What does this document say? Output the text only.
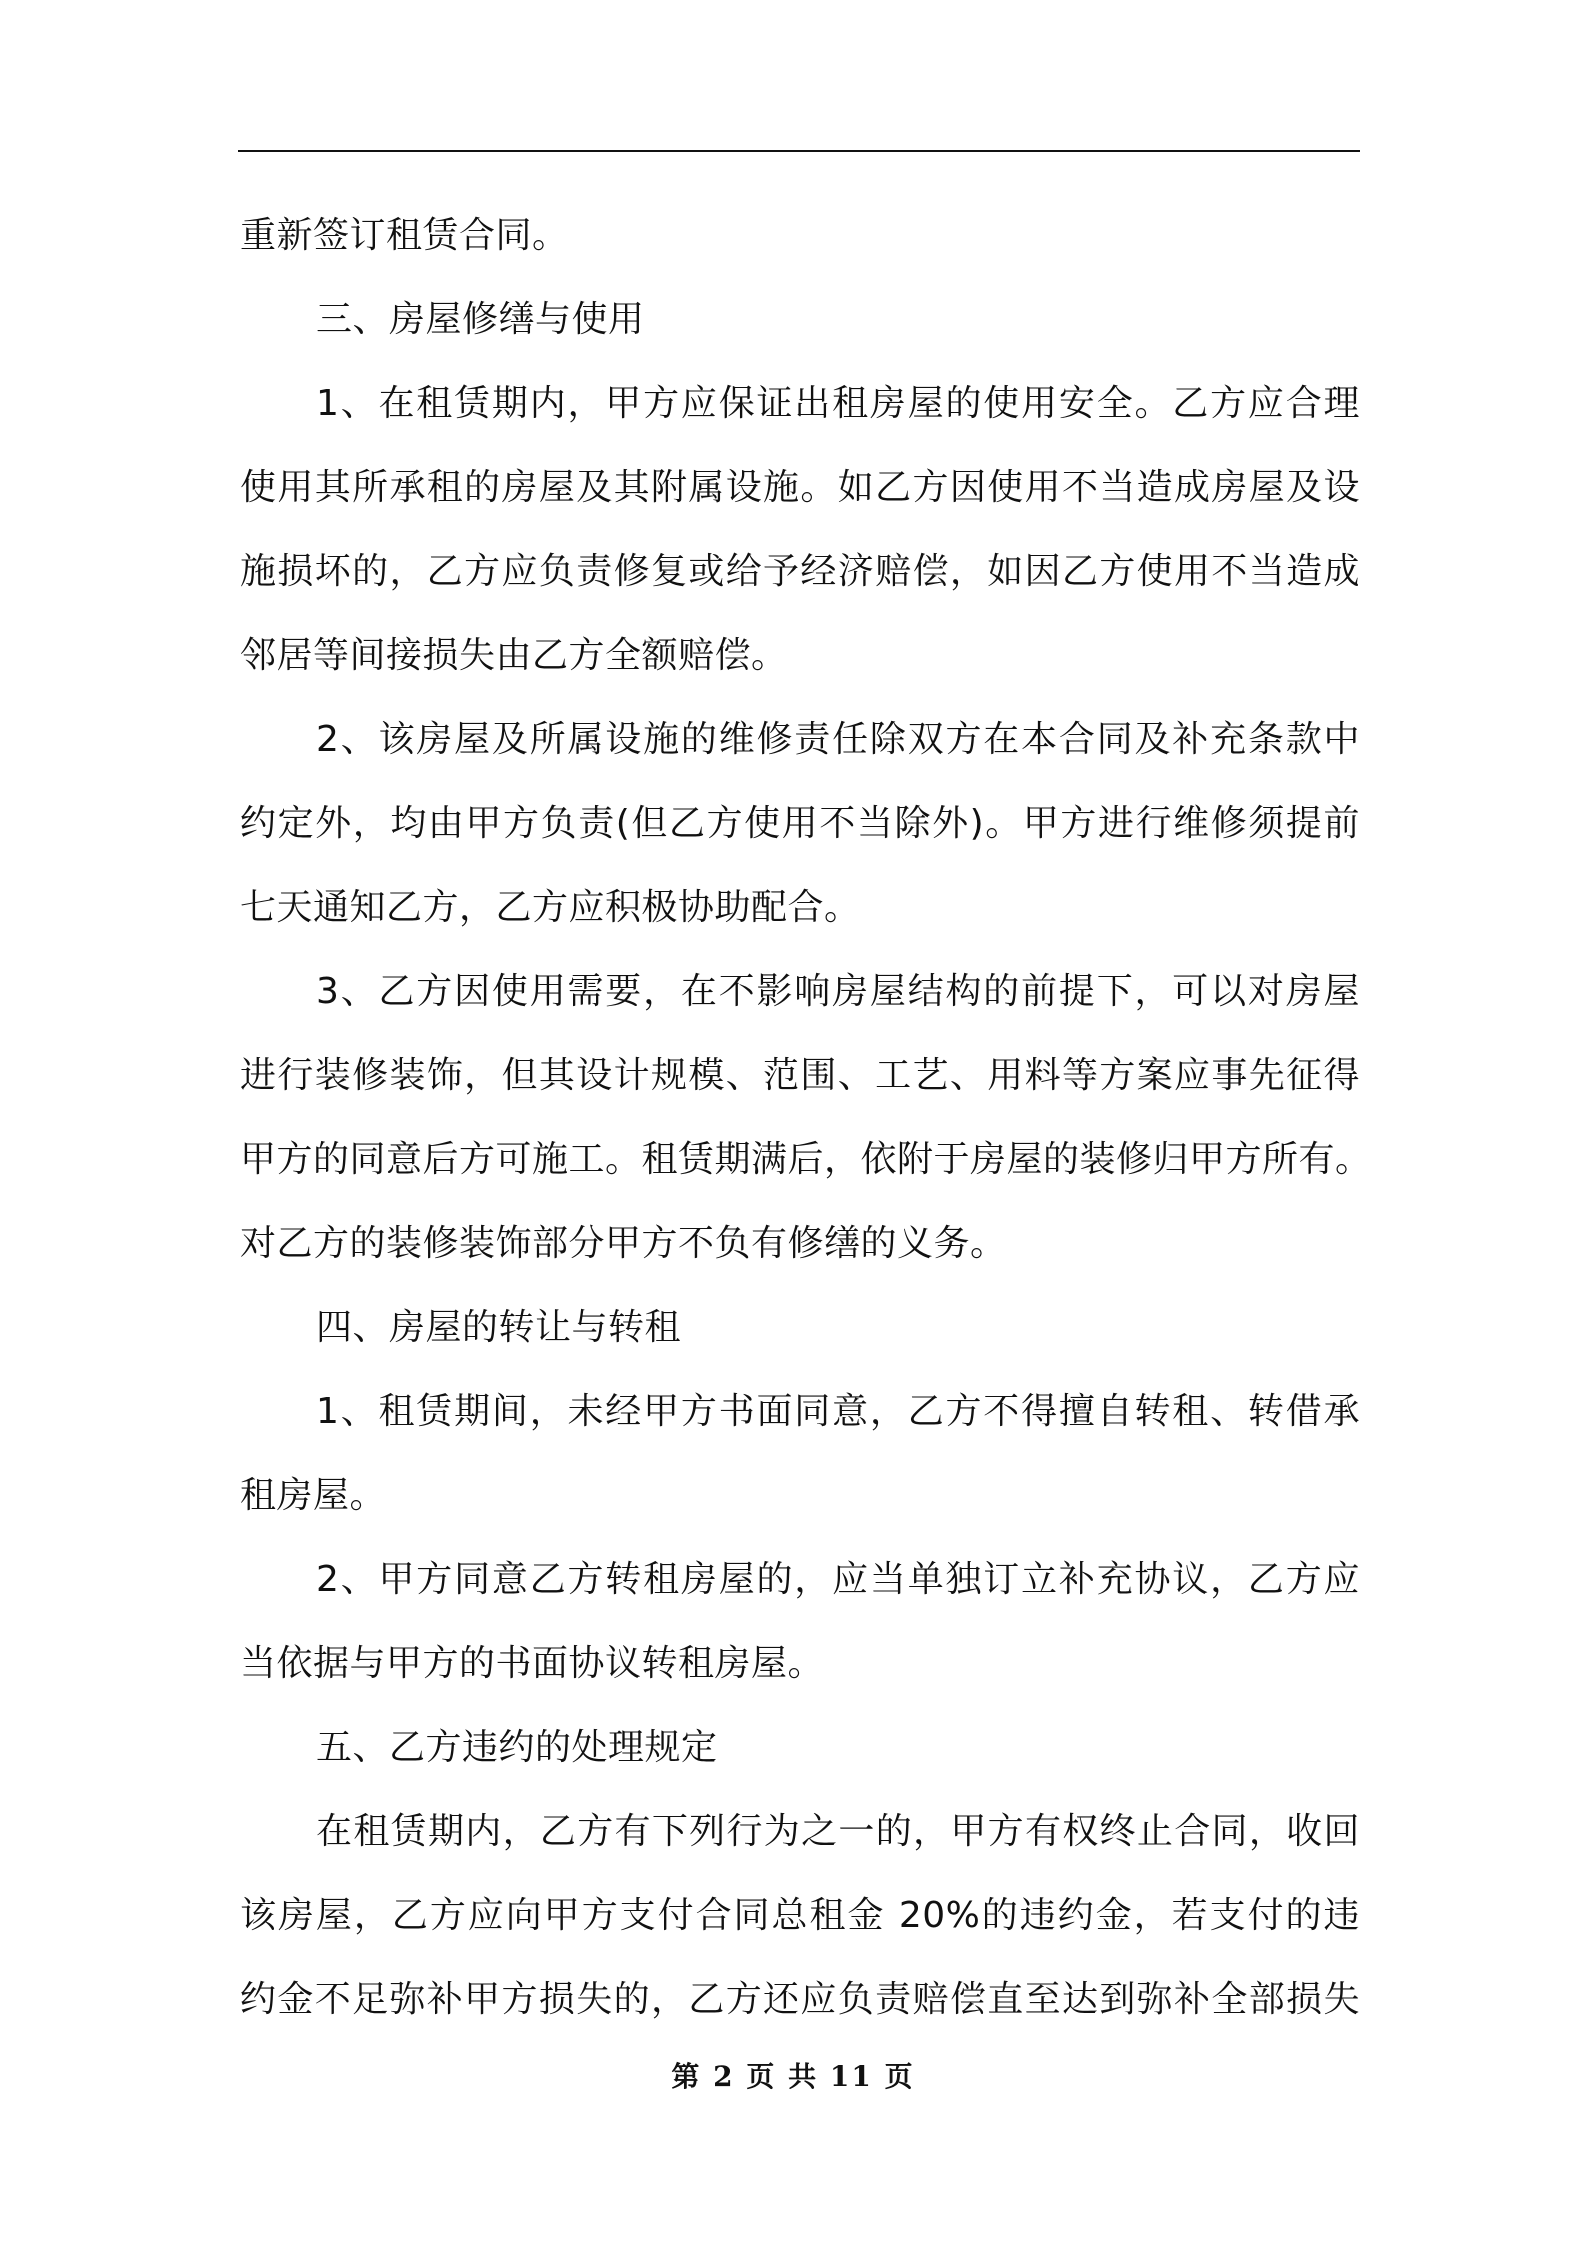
重新签订租赁合同。
三、房屋修缮与使用
1、在租赁期内，甲方应保证出租房屋的使用安全。乙方应合理
使用其所承租的房屋及其附属设施。如乙方因使用不当造成房屋及设
施损坏的，乙方应负责修复或给予经济赔偿，如因乙方使用不当造成
邻居等间接损失由乙方全额赔偿。
2、该房屋及所属设施的维修责任除双方在本合同及补充条款中
约定外，均由甲方负责(但乙方使用不当除外)。甲方进行维修须提前
七天通知乙方，乙方应积极协助配合。
3、乙方因使用需要，在不影响房屋结构的前提下，可以对房屋
进行装修装饰，但其设计规模、范围、工艺、用料等方案应事先征得
甲方的同意后方可施工。租赁期满后，依附于房屋的装修归甲方所有。
对乙方的装修装饰部分甲方不负有修缮的义务。
四、房屋的转让与转租
1、租赁期间，未经甲方书面同意，乙方不得擅自转租、转借承
租房屋。
2、甲方同意乙方转租房屋的，应当单独订立补充协议，乙方应
当依据与甲方的书面协议转租房屋。
五、乙方违约的处理规定
在租赁期内，乙方有下列行为之一的，甲方有权终止合同，收回
该房屋，乙方应向甲方支付合同总租金 20%的违约金，若支付的违
约金不足弥补甲方损失的，乙方还应负责赔偿直至达到弥补全部损失
第 2 页 共 11 页
